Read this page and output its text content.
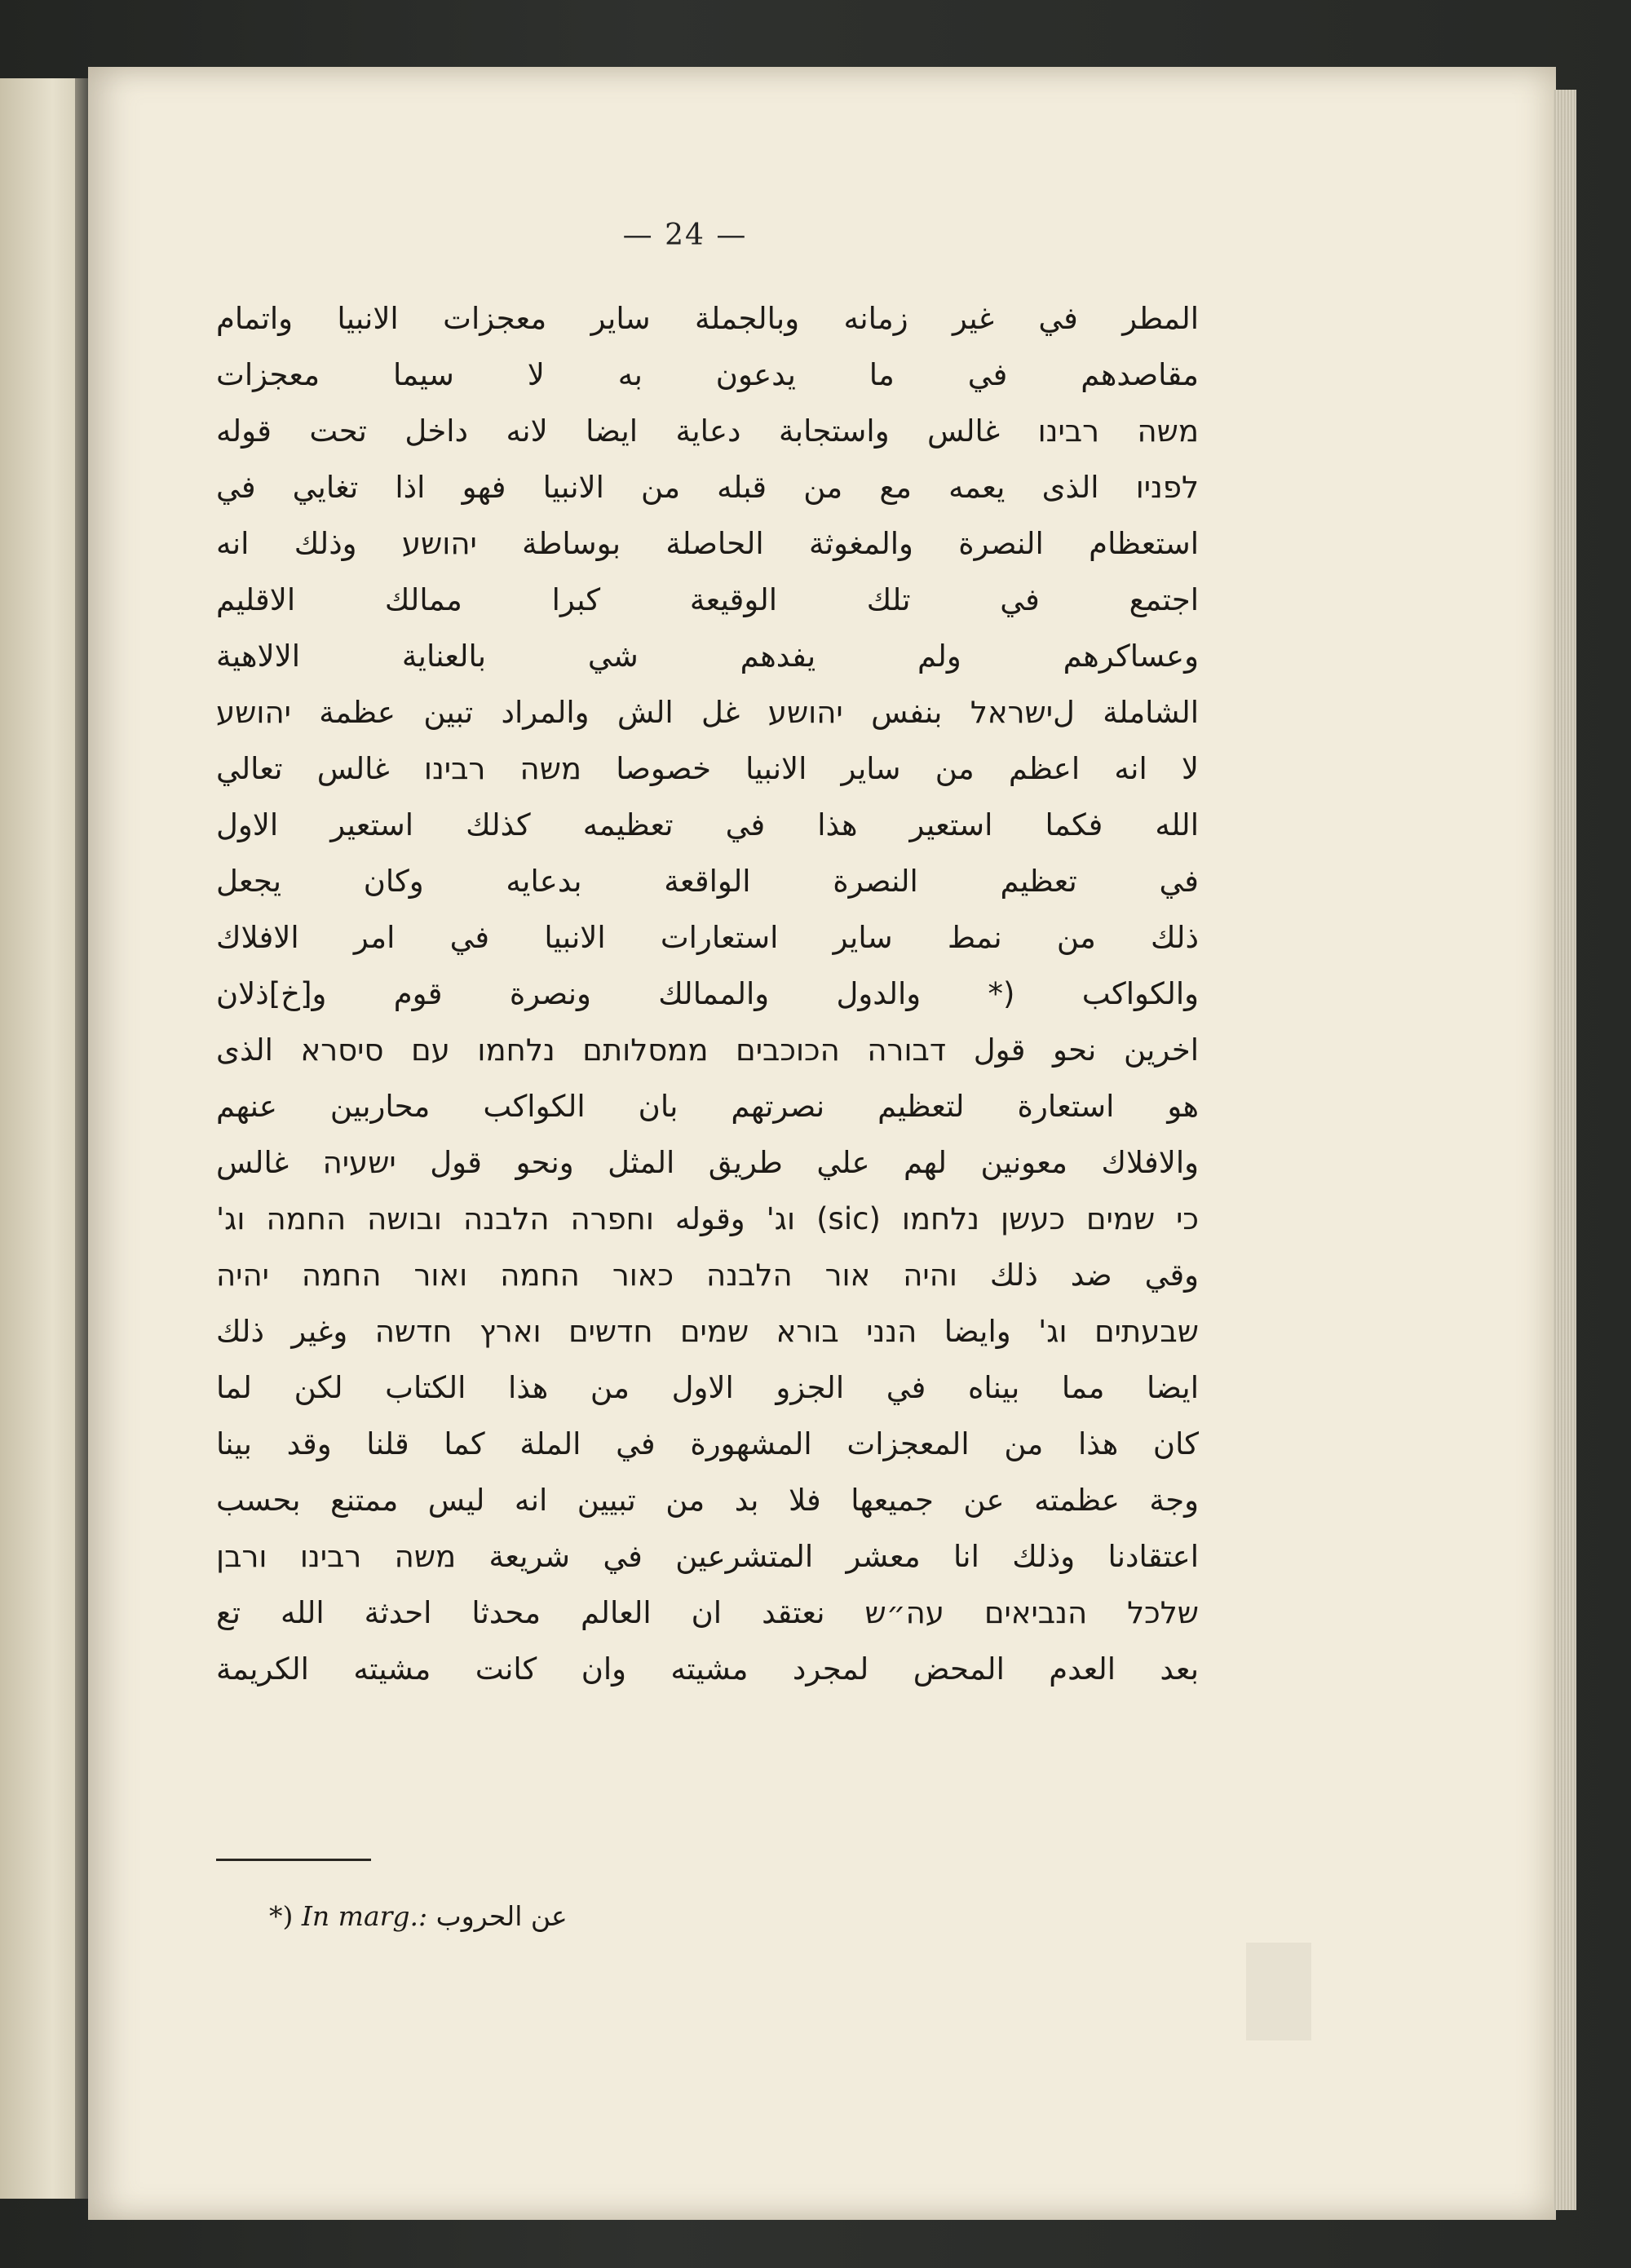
— 24 —
المطر في غير زمانه وبالجملة ساير معجزات الانبيا واتمام
مقاصدهم في ما يدعون به لا سيما معجزات
משה רבינו غالس واستجابة دعاية ايضا لانه داخل تحت قوله
לפניו الذى يعمه مع من قبله من الانبيا فهو اذا تغايي في
استعظام النصرة والمغوثة الحاصلة بوساطة יהושע وذلك انه
اجتمع في تلك الوقيعة كبرا ممالك الاقليم
وعساكرهم ولم يفدهم شي بالعناية الالاهية
الشاملة لישראל بنفس יהושע غل الش والمراد تبين عظمة יהושע
لا انه اعظم من ساير الانبيا خصوصا משה רבינו غالس تعالي
الله فكما استعير هذا في تعظيمه كذلك استعير الاول
في تعظيم النصرة الواقعة بدعايه وكان يجعل
ذلك من نمط ساير استعارات الانبيا في امر الافلاك
والكواكب (* والدول والممالك ونصرة قوم و[خ]ذلان
اخرين نحو قول דבורה הכוכבים ממסלותם נלחמו עם סיסרא الذى
هو استعارة لتعظيم نصرتهم بان الكواكب محاربين عنهم
والافلاك معونين لهم علي طريق المثل ونحو قول ישעיה غالس
כי שמים כעשן נלחמו (sic) וג' وقوله וחפרה הלבנה ובושה החמה וג'
وقي ضد ذلك והיה אור הלבנה כאור החמה ואור החמה יהיה
שבעתים וג' وايضا הנני בורא שמים חדשים וארץ חדשה وغير ذلك
ايضا مما بيناه في الجزو الاول من هذا الكتاب لكن لما
كان هذا من المعجزات المشهورة في الملة كما قلنا وقد بينا
وجة عظمته عن جميعها فلا بد من تبيين انه ليس ممتنع بحسب
اعتقادنا وذلك انا معشر المتشرعين في شريعة משה רבינו ורבן
שלכל הנביאים עה״ש نعتقد ان العالم محدثا احدثة الله تع
بعد العدم المحض لمجرد مشيته وان كانت مشيته الكريمة
*) In marg.: عن الحروب
